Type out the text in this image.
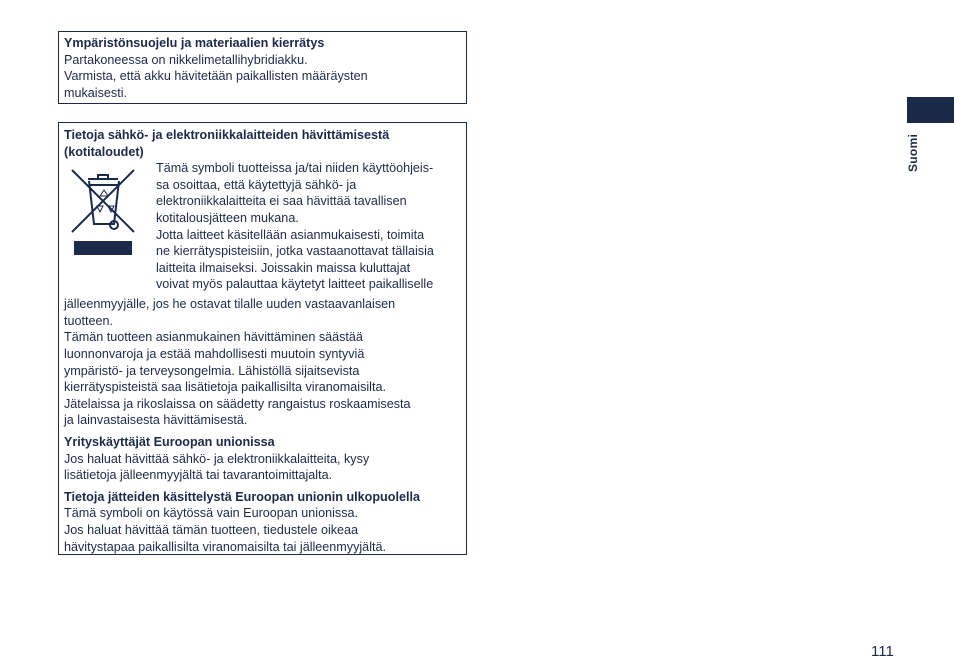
Ympäristönsuojelu ja materiaalien kierrätys
Partakoneessa on nikkelimetallihybridiakku.
Varmista, että akku hävitetään paikallisten määräysten
mukaisesti.
Tietoja sähkö- ja elektroniikkalaitteiden hävittämisestä
(kotitaloudet)
Tämä symboli tuotteissa ja/tai niiden käyttöohjeis-
sa osoittaa, että käytettyjä sähkö- ja
elektroniikkalaitteita ei saa hävittää tavallisen
kotitalousjätteen mukana.
Jotta laitteet käsitellään asianmukaisesti, toimita
ne kierrätyspisteisiin, jotka vastaanottavat tällaisia
laitteita ilmaiseksi. Joissakin maissa kuluttajat
voivat myös palauttaa käytetyt laitteet paikalliselle
jälleenmyyjälle, jos he ostavat tilalle uuden vastaavanlaisen
tuotteen.
Tämän tuotteen asianmukainen hävittäminen säästää
luonnonvaroja ja estää mahdollisesti muutoin syntyviä
ympäristö- ja terveysongelmia. Lähistöllä sijaitsevista
kierrätyspisteistä saa lisätietoja paikallisilta viranomaisilta.
Jätelaissa ja rikoslaissa on säädetty rangaistus roskaamisesta
ja lainvastaisesta hävittämisestä.
Yrityskäyttäjät Euroopan unionissa
Jos haluat hävittää sähkö- ja elektroniikkalaitteita, kysy
lisätietoja jälleenmyyjältä tai tavarantoimittajalta.
Tietoja jätteiden käsittelystä Euroopan unionin ulkopuolella
Tämä symboli on käytössä vain Euroopan unionissa.
Jos haluat hävittää tämän tuotteen, tiedustele oikeaa
hävitystapaa paikallisilta viranomaisilta tai jälleenmyyjältä.
Suomi
111
